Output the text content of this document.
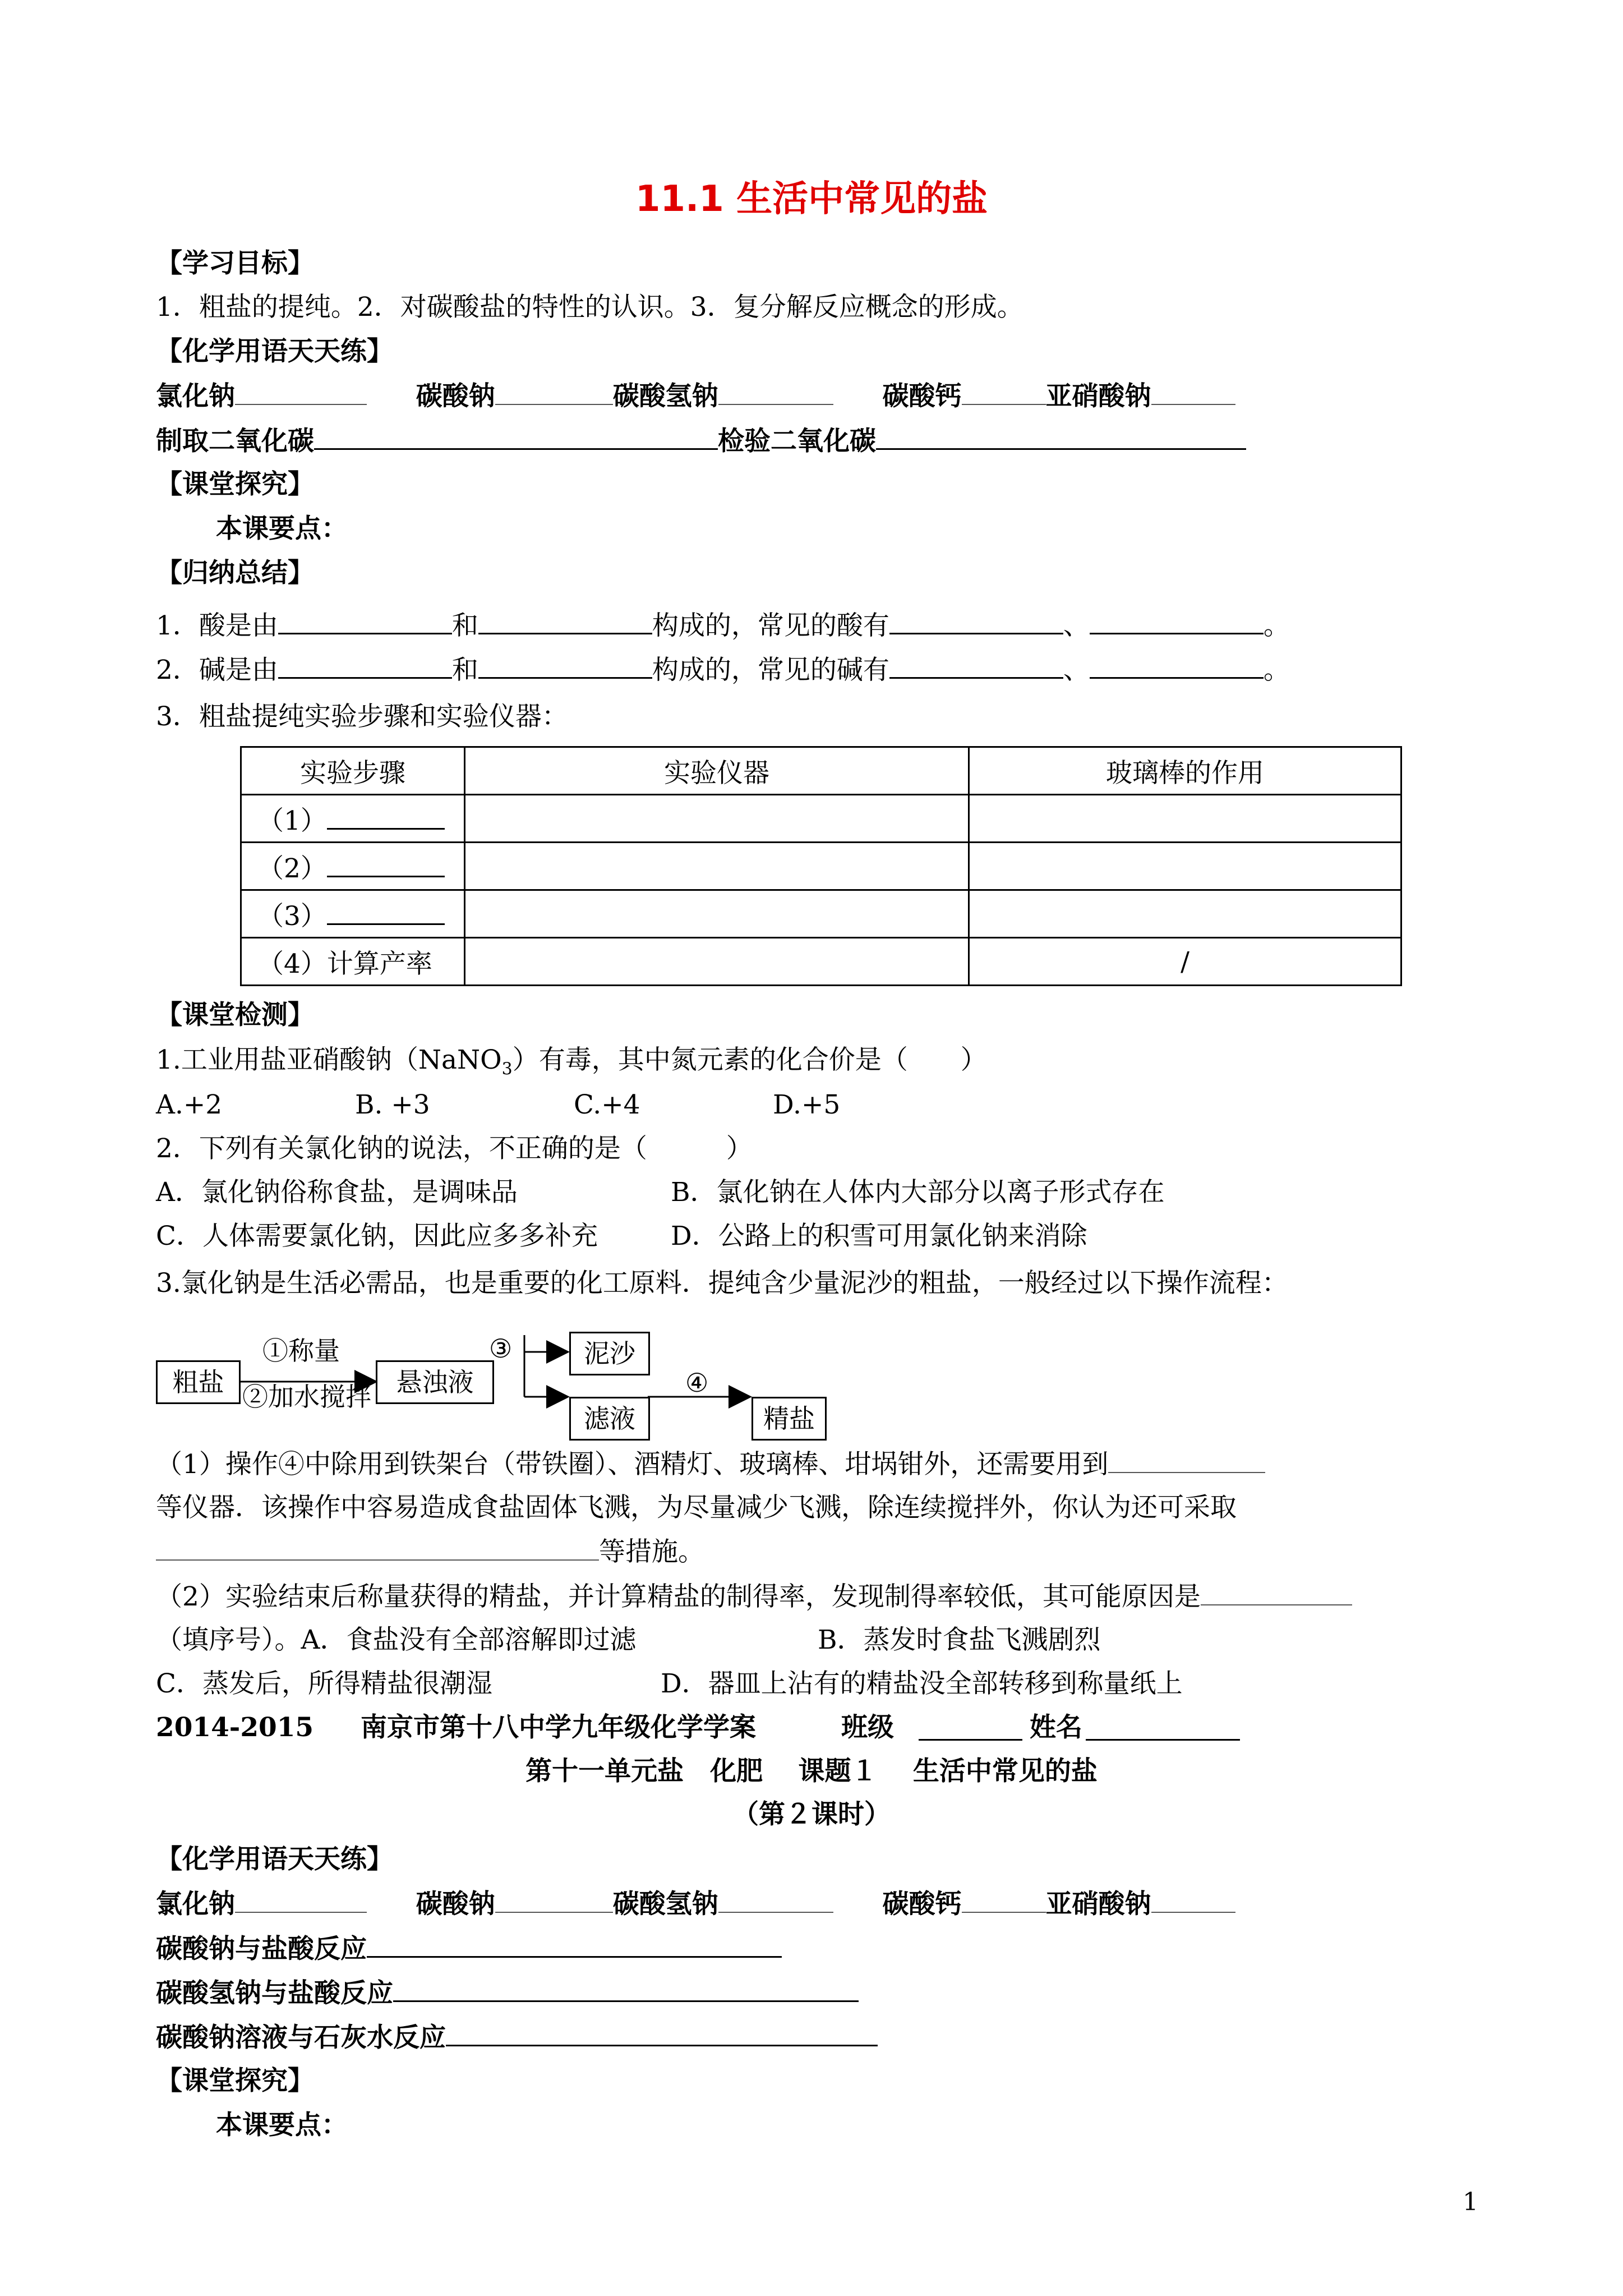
11.1 生活中常见的盐
【学习目标】
1．粗盐的提纯。2．对碳酸盐的特性的认识。3．复分解反应概念的形成。
【化学用语天天练】
氯化钠	碳酸钠	碳酸氢钠	碳酸钙	亚硝酸钠
制取二氧化碳	检验二氧化碳
【课堂探究】
本课要点：
【归纳总结】
1．酸是由	和	构成的，常见的酸有	、	。
2．碱是由	和	构成的，常见的碱有	、	。
3．粗盐提纯实验步骤和实验仪器：
实验步骤	实验仪器	玻璃棒的作用
（1）		
（2）		
（3）		
（4）计算产率		/
【课堂检测】
1.工业用盐亚硝酸钠（NaNO$_3$）有毒，其中氮元素的化合价是（　　）
A.+2	B. +3	C.+4	D.+5
2．下列有关氯化钠的说法，不正确的是（　　　）
A．氯化钠俗称食盐，是调味品	B．氯化钠在人体内大部分以离子形式存在
C．人体需要氯化钠，因此应多多补充	D．公路上的积雪可用氯化钠来消除
3.氯化钠是生活必需品，也是重要的化工原料．提纯含少量泥沙的粗盐，一般经过以下操作流程：
粗盐
①称量
②加水搅拌 悬浊液
③	泥沙
滤液
④
精盐
（1）操作④中除用到铁架台（带铁圈）、酒精灯、玻璃棒、坩埚钳外，还需要用到
等仪器．该操作中容易造成食盐固体飞溅，为尽量减少飞溅，除连续搅拌外，你认为还可采取
等措施。
（2）实验结束后称量获得的精盐，并计算精盐的制得率，发现制得率较低，其可能原因是
（填序号）。A．食盐没有全部溶解即过滤	B．蒸发时食盐飞溅剧烈
C．蒸发后，所得精盐很潮湿	D．器皿上沾有的精盐没全部转移到称量纸上
2014-2015 南京市第十八中学九年级化学学案	班级	姓名
第十一单元盐　化肥　 课题１　 生活中常见的盐
（第２课时）
【化学用语天天练】
氯化钠	碳酸钠	碳酸氢钠	碳酸钙	亚硝酸钠
碳酸钠与盐酸反应
碳酸氢钠与盐酸反应
碳酸钠溶液与石灰水反应
【课堂探究】
本课要点：
1
